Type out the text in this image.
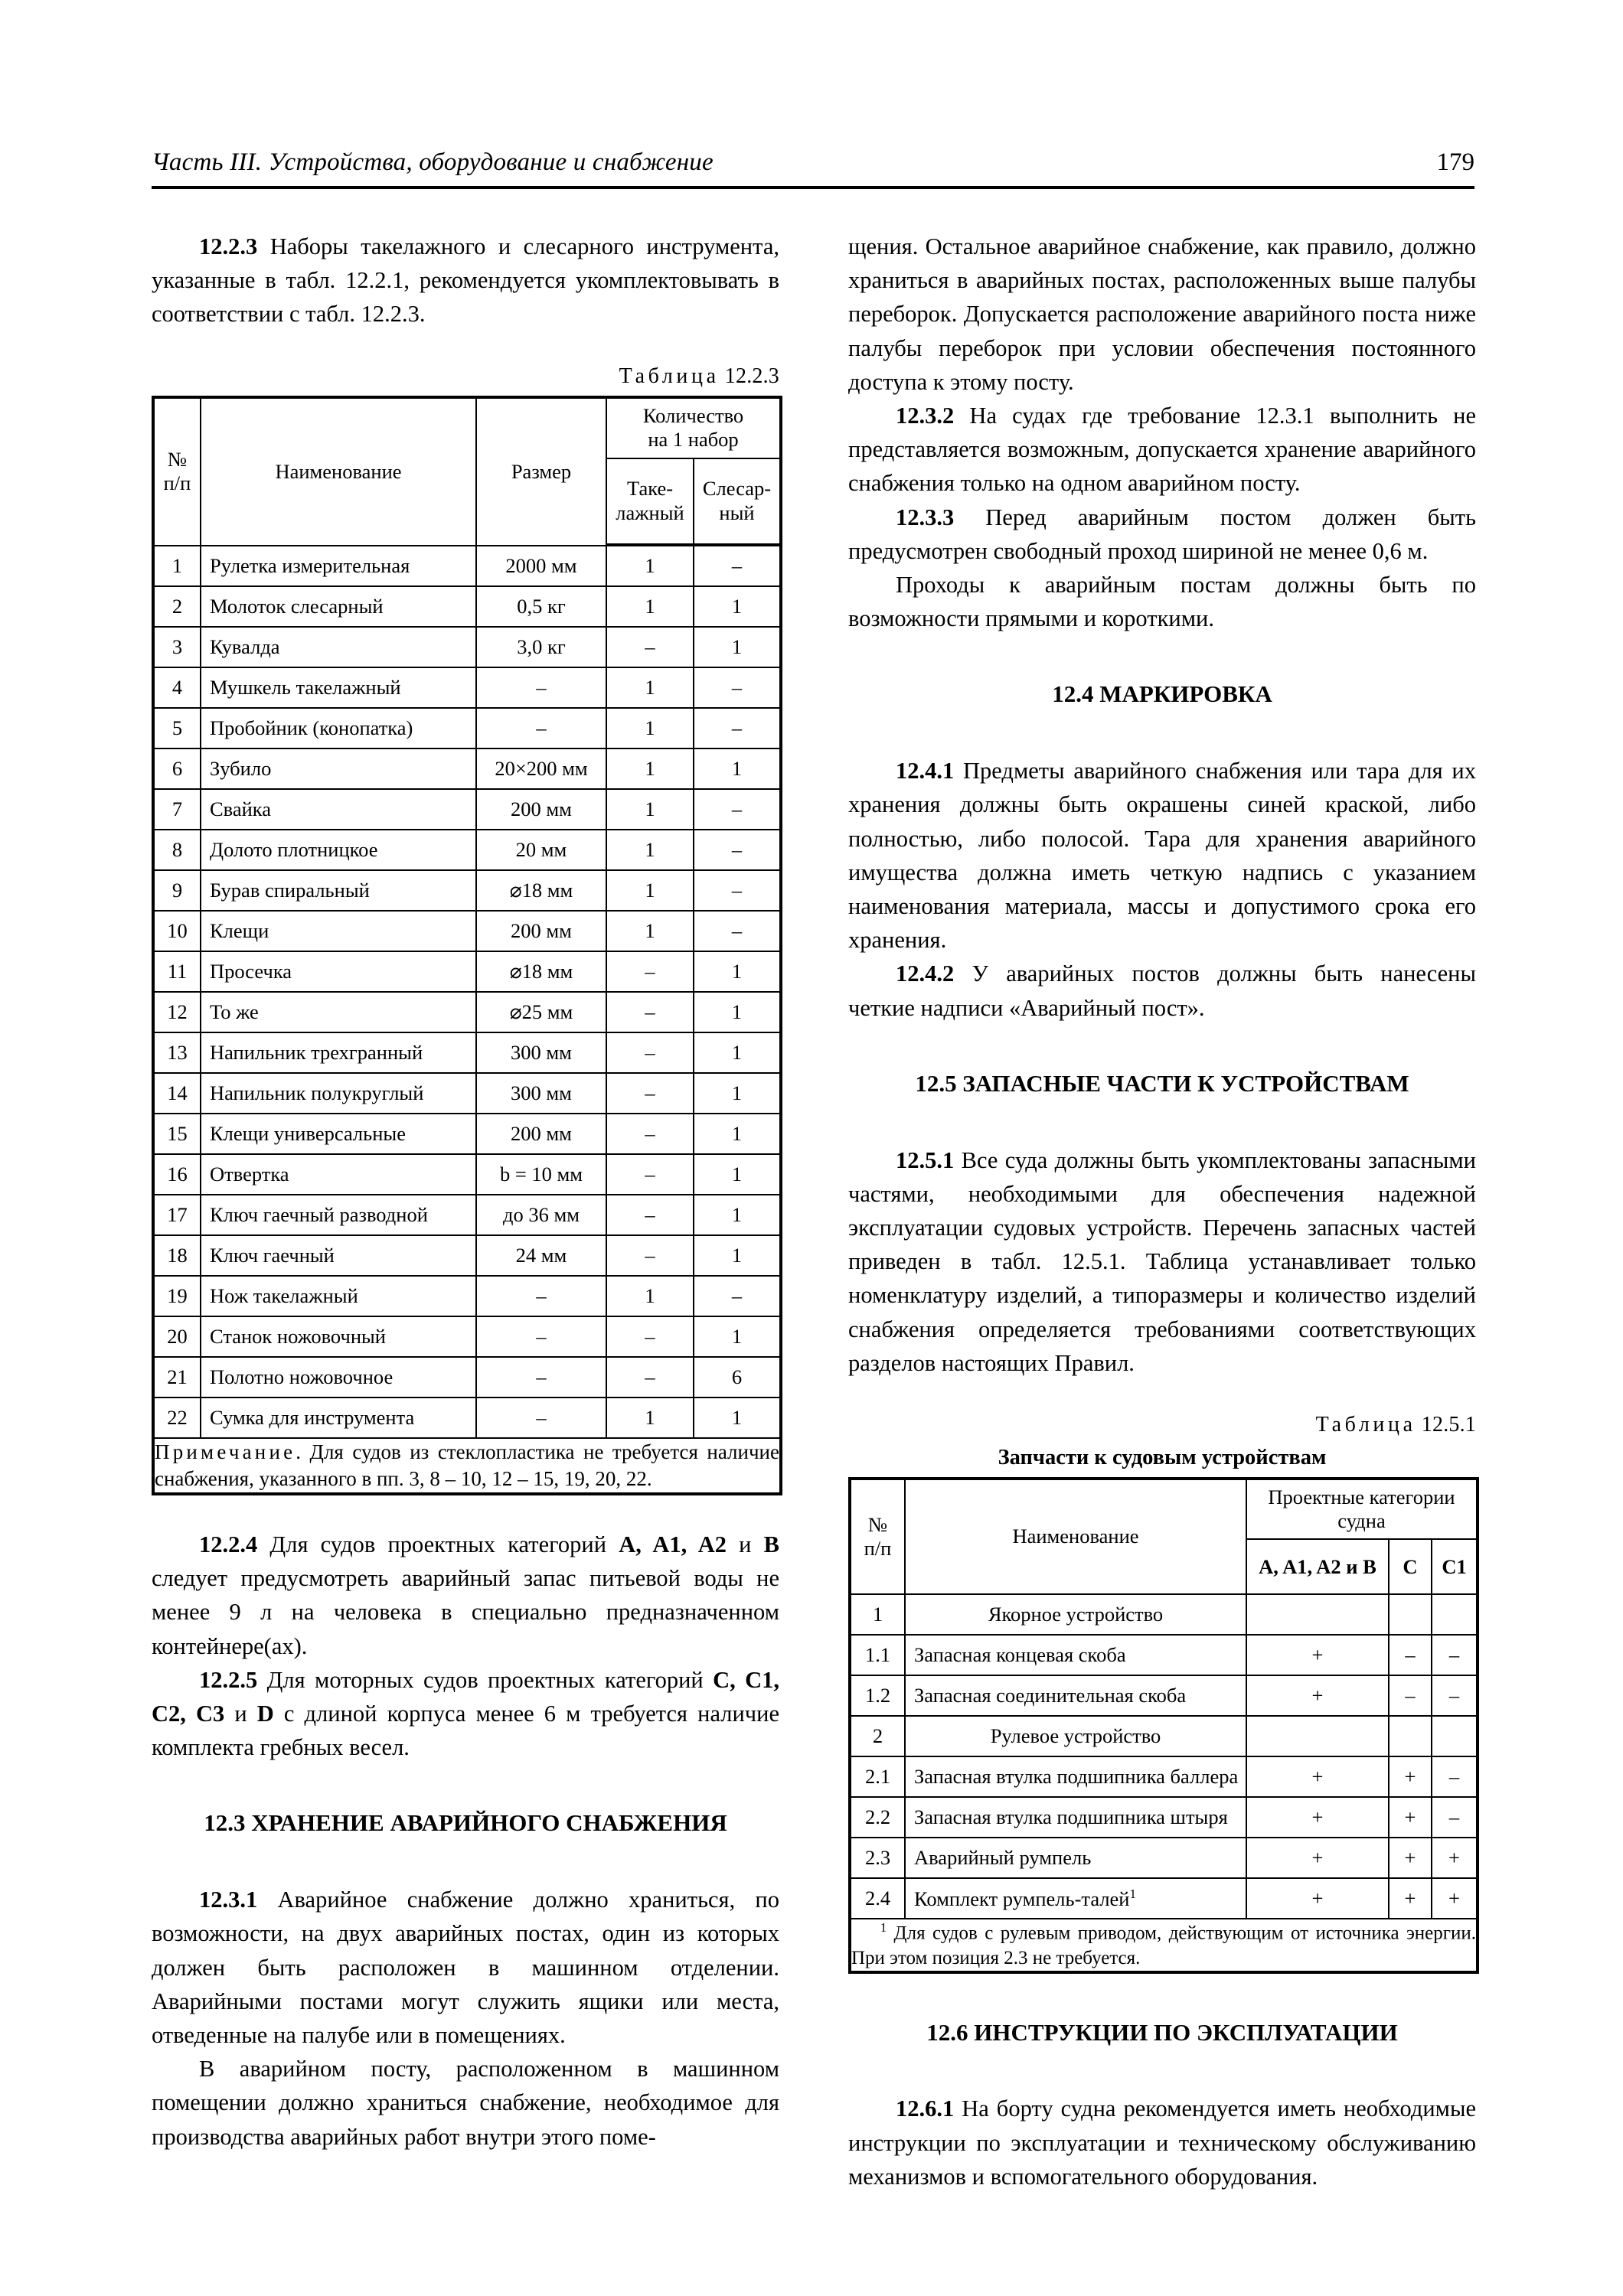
Часть III. Устройства, оборудование и снабжение	179

12.2.3 Наборы такелажного и слесарного инструмента, указанные в табл. 12.2.1, рекомендуется укомплектовывать в соответствии с табл. 12.2.3.

Таблица 12.2.3
№
п/п
	Наименование	Размер	
Количество
на 1 набор

Таке-
лажный

Слесар-
ный

1	Рулетка измерительная	2000 мм	1	–
2	Молоток слесарный	0,5 кг	1	1
3	Кувалда	3,0 кг	–	1
4	Мушкель такелажный	–	1	–
5	Пробойник (конопатка)	–	1	–
6	Зубило	20×200 мм	1	1
7	Свайка	200 мм	1	–
8	Долото плотницкое	20 мм	1	–
9	Бурав спиральный	⌀18 мм	1	–
10	Клещи	200 мм	1	–
11	Просечка	⌀18 мм	–	1
12	То же	⌀25 мм	–	1
13	Напильник трехгранный	300 мм	–	1
14	Напильник полукруглый	300 мм	–	1
15	Клещи универсальные	200 мм	–	1
16	Отвертка	b = 10 мм	–	1
17	Ключ гаечный разводной	до 36 мм	–	1
18	Ключ гаечный	24 мм	–	1
19	Нож такелажный	–	1	–
20	Станок ножовочный	–	–	1
21	Полотно ножовочное	–	–	6
22	Сумка для инструмента	–	1	1
Примечание. Для судов из стеклопластика не требуется наличие снабжения, указанного в пп. 3, 8 – 10, 12 – 15, 19, 20, 22.				

12.2.4 Для судов проектных категорий A, A1, A2 и B следует предусмотреть аварийный запас питьевой воды не менее 9 л на человека в специально предназначенном контейнере(ах).

12.2.5 Для моторных судов проектных категорий C, C1, C2, C3 и D с длиной корпуса менее 6 м требуется наличие комплекта гребных весел.

12.3 ХРАНЕНИЕ АВАРИЙНОГО СНАБЖЕНИЯ

12.3.1 Аварийное снабжение должно храниться, по возможности, на двух аварийных постах, один из которых должен быть расположен в машинном отделении. Аварийными постами могут служить ящики или места, отведенные на палубе или в помещениях.

В аварийном посту, расположенном в машинном помещении должно храниться снабжение, необходимое для производства аварийных работ внутри этого поме-

щения. Остальное аварийное снабжение, как правило, должно храниться в аварийных постах, расположенных выше палубы переборок. Допускается расположение аварийного поста ниже палубы переборок при условии обеспечения постоянного доступа к этому посту.

12.3.2 На судах где требование 12.3.1 выполнить не представляется возможным, допускается хранение аварийного снабжения только на одном аварийном посту.

12.3.3 Перед аварийным постом должен быть предусмотрен свободный проход шириной не менее 0,6 м.

Проходы к аварийным постам должны быть по возможности прямыми и короткими.

12.4 МАРКИРОВКА

12.4.1 Предметы аварийного снабжения или тара для их хранения должны быть окрашены синей краской, либо полностью, либо полосой. Тара для хранения аварийного имущества должна иметь четкую надпись с указанием наименования материала, массы и допустимого срока его хранения.

12.4.2 У аварийных постов должны быть нанесены четкие надписи «Аварийный пост».

12.5 ЗАПАСНЫЕ ЧАСТИ К УСТРОЙСТВАМ

12.5.1 Все суда должны быть укомплектованы запасными частями, необходимыми для обеспечения надежной эксплуатации судовых устройств. Перечень запасных частей приведен в табл. 12.5.1. Таблица устанавливает только номенклатуру изделий, а типоразмеры и количество изделий снабжения определяется требованиями соответствующих разделов настоящих Правил.

Таблица 12.5.1
Запчасти к судовым устройствам
№
п/п
	Наименование	
Проектные категории
судна

		A, A1, A2 и B	C	C1
1	Якорное устройство			
1.1	Запасная концевая скоба	+	–	–
1.2	Запасная соединительная скоба	+	–	–
2	Рулевое устройство			
2.1	Запасная втулка подшипника баллера	+	+	–
2.2	Запасная втулка подшипника штыря	+	+	–
2.3	Аварийный румпель	+	+	+
2.4	Комплект румпель-талей$^1$	+	+	+
$^1$ Для судов с рулевым приводом, действующим от источника энергии. При этом позиция 2.3 не требуется.				
12.6 ИНСТРУКЦИИ ПО ЭКСПЛУАТАЦИИ

12.6.1 На борту судна рекомендуется иметь необходимые инструкции по эксплуатации и техническому обслуживанию механизмов и вспомогательного оборудования.
